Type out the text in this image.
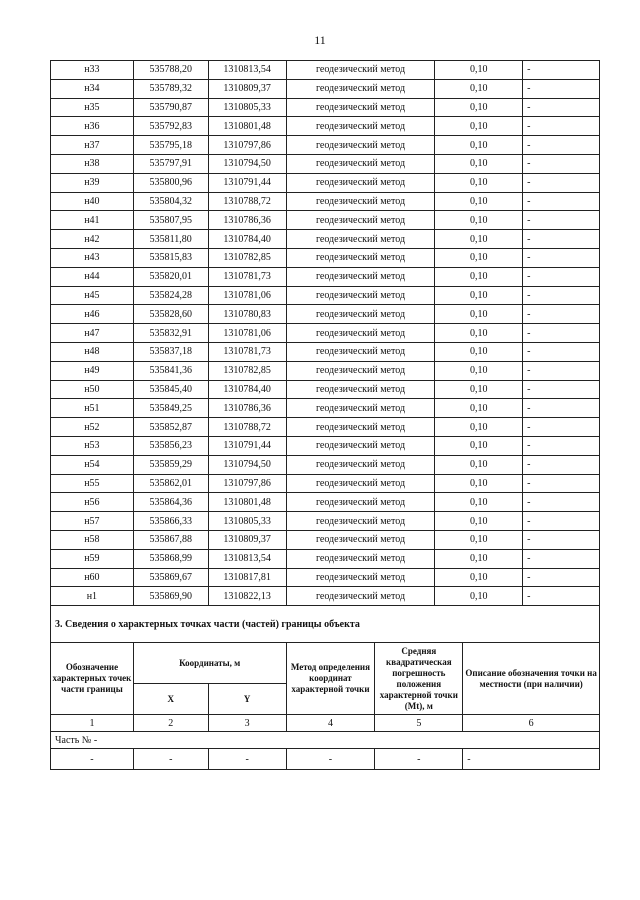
11
н33	535788,20	1310813,54	геодезический метод	0,10	-
н34	535789,32	1310809,37	геодезический метод	0,10	-
н35	535790,87	1310805,33	геодезический метод	0,10	-
н36	535792,83	1310801,48	геодезический метод	0,10	-
н37	535795,18	1310797,86	геодезический метод	0,10	-
н38	535797,91	1310794,50	геодезический метод	0,10	-
н39	535800,96	1310791,44	геодезический метод	0,10	-
н40	535804,32	1310788,72	геодезический метод	0,10	-
н41	535807,95	1310786,36	геодезический метод	0,10	-
н42	535811,80	1310784,40	геодезический метод	0,10	-
н43	535815,83	1310782,85	геодезический метод	0,10	-
н44	535820,01	1310781,73	геодезический метод	0,10	-
н45	535824,28	1310781,06	геодезический метод	0,10	-
н46	535828,60	1310780,83	геодезический метод	0,10	-
н47	535832,91	1310781,06	геодезический метод	0,10	-
н48	535837,18	1310781,73	геодезический метод	0,10	-
н49	535841,36	1310782,85	геодезический метод	0,10	-
н50	535845,40	1310784,40	геодезический метод	0,10	-
н51	535849,25	1310786,36	геодезический метод	0,10	-
н52	535852,87	1310788,72	геодезический метод	0,10	-
н53	535856,23	1310791,44	геодезический метод	0,10	-
н54	535859,29	1310794,50	геодезический метод	0,10	-
н55	535862,01	1310797,86	геодезический метод	0,10	-
н56	535864,36	1310801,48	геодезический метод	0,10	-
н57	535866,33	1310805,33	геодезический метод	0,10	-
н58	535867,88	1310809,37	геодезический метод	0,10	-
н59	535868,99	1310813,54	геодезический метод	0,10	-
н60	535869,67	1310817,81	геодезический метод	0,10	-
н1	535869,90	1310822,13	геодезический метод	0,10	-
3. Сведения о характерных точках части (частей) границы объекта					
Обозначение характерных точек части границы	Координаты, м		Метод определения координат характерной точки	Средняя квадратическая погрешность положения характерной точки (Mt), м	Описание обозначения точки на местности (при наличии)
	X	Y			
1	2	3	4	5	6
Часть № -					
-	-	-	-	-	-
